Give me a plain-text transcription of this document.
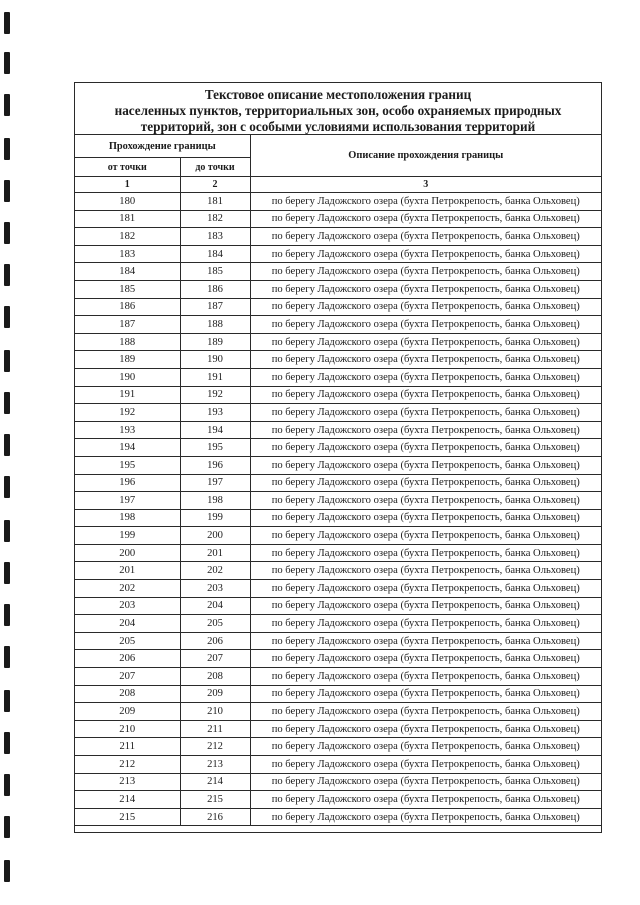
Текстовое описание местоположения границ
населенных пунктов, территориальных зон, особо охраняемых природных
территорий, зон с особыми условиями использования территорий
Прохождение границы		Описание прохождения границы
от точки	до точки	
1	2	3
180	181	по берегу Ладожского озера (бухта Петрокрепость, банка Ольховец)
181	182	по берегу Ладожского озера (бухта Петрокрепость, банка Ольховец)
182	183	по берегу Ладожского озера (бухта Петрокрепость, банка Ольховец)
183	184	по берегу Ладожского озера (бухта Петрокрепость, банка Ольховец)
184	185	по берегу Ладожского озера (бухта Петрокрепость, банка Ольховец)
185	186	по берегу Ладожского озера (бухта Петрокрепость, банка Ольховец)
186	187	по берегу Ладожского озера (бухта Петрокрепость, банка Ольховец)
187	188	по берегу Ладожского озера (бухта Петрокрепость, банка Ольховец)
188	189	по берегу Ладожского озера (бухта Петрокрепость, банка Ольховец)
189	190	по берегу Ладожского озера (бухта Петрокрепость, банка Ольховец)
190	191	по берегу Ладожского озера (бухта Петрокрепость, банка Ольховец)
191	192	по берегу Ладожского озера (бухта Петрокрепость, банка Ольховец)
192	193	по берегу Ладожского озера (бухта Петрокрепость, банка Ольховец)
193	194	по берегу Ладожского озера (бухта Петрокрепость, банка Ольховец)
194	195	по берегу Ладожского озера (бухта Петрокрепость, банка Ольховец)
195	196	по берегу Ладожского озера (бухта Петрокрепость, банка Ольховец)
196	197	по берегу Ладожского озера (бухта Петрокрепость, банка Ольховец)
197	198	по берегу Ладожского озера (бухта Петрокрепость, банка Ольховец)
198	199	по берегу Ладожского озера (бухта Петрокрепость, банка Ольховец)
199	200	по берегу Ладожского озера (бухта Петрокрепость, банка Ольховец)
200	201	по берегу Ладожского озера (бухта Петрокрепость, банка Ольховец)
201	202	по берегу Ладожского озера (бухта Петрокрепость, банка Ольховец)
202	203	по берегу Ладожского озера (бухта Петрокрепость, банка Ольховец)
203	204	по берегу Ладожского озера (бухта Петрокрепость, банка Ольховец)
204	205	по берегу Ладожского озера (бухта Петрокрепость, банка Ольховец)
205	206	по берегу Ладожского озера (бухта Петрокрепость, банка Ольховец)
206	207	по берегу Ладожского озера (бухта Петрокрепость, банка Ольховец)
207	208	по берегу Ладожского озера (бухта Петрокрепость, банка Ольховец)
208	209	по берегу Ладожского озера (бухта Петрокрепость, банка Ольховец)
209	210	по берегу Ладожского озера (бухта Петрокрепость, банка Ольховец)
210	211	по берегу Ладожского озера (бухта Петрокрепость, банка Ольховец)
211	212	по берегу Ладожского озера (бухта Петрокрепость, банка Ольховец)
212	213	по берегу Ладожского озера (бухта Петрокрепость, банка Ольховец)
213	214	по берегу Ладожского озера (бухта Петрокрепость, банка Ольховец)
214	215	по берегу Ладожского озера (бухта Петрокрепость, банка Ольховец)
215	216	по берегу Ладожского озера (бухта Петрокрепость, банка Ольховец)
